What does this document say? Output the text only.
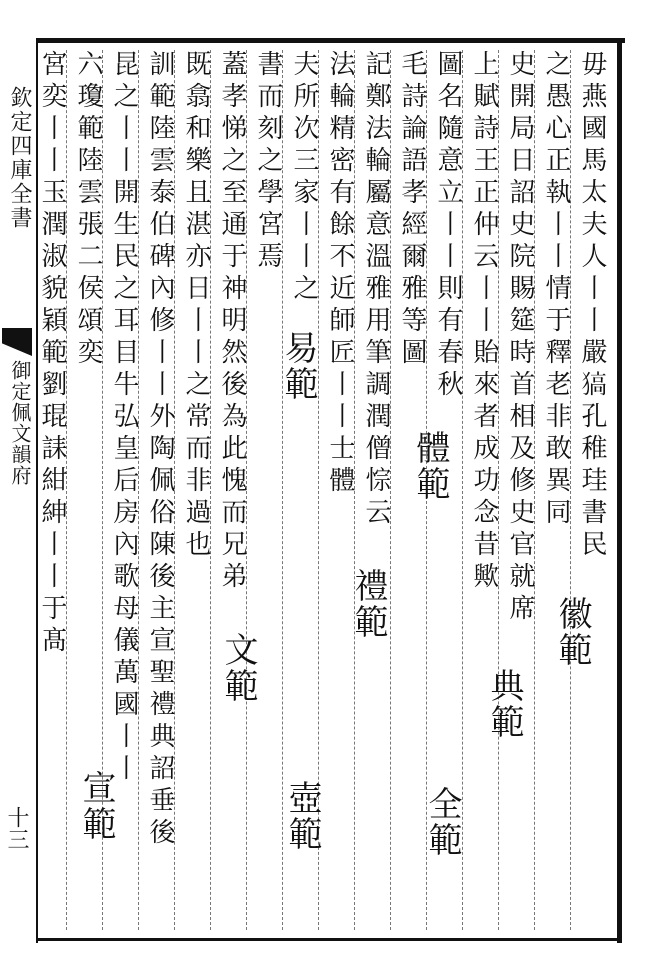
欽定四庫全書
御定佩文韻府
十三
毋燕國馬太夫人丨丨嚴𤠖孔稚珪書民
之愚心正執丨丨情于釋老非敢異同
史開局日詔史院賜筵時首相及修史官就席
上賦詩王正仲云丨丨貽來者成功念昔歟
圖名隨意立丨丨則有春秋
毛詩論語孝經爾雅等圖
記鄭法輪屬意溫雅用筆調潤僧悰云
法輪精密有餘不近師匠丨丨士體
夫所次三家丨丨之
書而刻之學宮焉
蓋孝悌之至通于神明然後為此愧而兄弟
既翕和樂且湛亦日丨丨之常而非過也
訓範陸雲泰伯碑內修丨丨外陶佩俗陳後主宣聖禮典詔垂後
昆之丨丨開生民之耳目牛弘皇后房內歌母儀萬國丨丨
六瓊範陸雲張二侯頌奕
宮奕丨丨玉潤淑貌穎範劉琨誄紺紳丨丨于髙	徽範
典範
體範
全範
禮範
易範
文範
壺範
宣範
